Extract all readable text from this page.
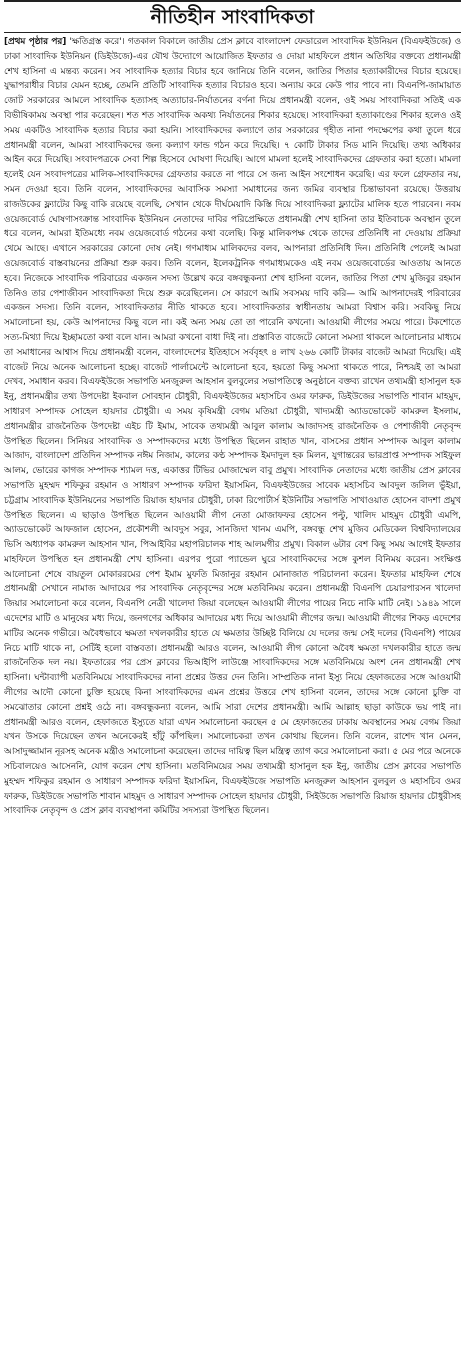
নীতিহীন সাংবাদিকতা

[প্রথম পৃষ্ঠার পর] 'ক্ষতিগ্রস্ত করে'। গতকাল বিকালে জাতীয় প্রেস ক্লাবে বাংলাদেশ ফেডারেল সাংবাদিক ইউনিয়ন (বিএফইউজে) ও ঢাকা সাংবাদিক ইউনিয়ন (ডিইউজে)-এর যৌথ উদ্যোগে আয়োজিত ইফতার ও দোয়া মাহফিলে প্রধান অতিথির বক্তব্যে প্রধানমন্ত্রী শেখ হাসিনা এ মন্তব্য করেন। সব সাংবাদিক হত্যার বিচার হবে জানিয়ে তিনি বলেন, জাতির পিতার হত্যাকারীদের বিচার হয়েছে। যুদ্ধাপরাধীর বিচার যেমন হচ্ছে, তেমনি প্রতিটি সাংবাদিক হত্যার বিচারও হবে। অন্যায় করে কেউ পার পাবে না। বিএনপি-জামায়াত জোট সরকারের আমলে সাংবাদিক হত্যাসহ অত্যাচার-নির্যাতনের বর্ণনা দিয়ে প্রধানমন্ত্রী বলেন, ওই সময় সাংবাদিকরা সতিই এক বিভীষিকাময় অবস্থা পার করেছেন। শত শত সাংবাদিক অকথ্য নির্যাতনের শিকার হয়েছে। সাংবাদিকরা হত্যাকাণ্ডের শিকার হলেও ওই সময় একটিও সাংবাদিক হত্যার বিচার করা হয়নি। সাংবাদিকদের কল্যাণে তার সরকারের গৃহীত নানা পদক্ষেপের কথা তুলে ধরে প্রধানমন্ত্রী বলেন, আমরা সাংবাদিকদের জন্য কল্যাণ ফান্ড গঠন করে দিয়েছি। ৭ কোটি টাকার সিড মানি দিয়েছি। তথ্য অধিকার আইন করে দিয়েছি। সংবাদপত্রকে সেবা শিল্প হিসেবে ঘোষণা দিয়েছি। আগে মামলা হলেই সাংবাদিকদের গ্রেফতার করা হতো। মামলা হলেই যেন সংবাদপত্রের মালিক-সাংবাদিকদের গ্রেফতার করতে না পারে সে জন্য আইন সংশোধন করেছি। এর ফলে গ্রেফতার নয়, সমন দেওয়া হবে। তিনি বলেন, সাংবাদিকদের আবাসিক সমস্যা সমাধানের জন্য জমির ব্যবস্থার চিন্তাভাবনা রয়েছে। উত্তরায় রাজউকের ফ্ল্যাটের কিছু বাকি রয়েছে বলেছি, সেখান থেকে দীর্ঘমেয়াদি কিস্তি দিয়ে সাংবাদিকরা ফ্ল্যাটের মালিক হতে পারবেন। নবম ওয়েজবোর্ড ঘোষণাসংক্রান্ত সাংবাদিক ইউনিয়ন নেতাদের দাবির পরিপ্রেক্ষিতে প্রধানমন্ত্রী শেখ হাসিনা তার ইতিবাচক অবস্থান তুলে ধরে বলেন, আমরা ইতিমধ্যে নবম ওয়েজবোর্ড গঠনের কথা বলেছি। কিন্তু মালিকপক্ষ থেকে তাদের প্রতিনিধি না দেওয়ায় প্রক্রিয়া থেমে আছে। এখানে সরকারের কোনো দোষ নেই। গণমাধ্যম মালিকদের বলব, আপনারা প্রতিনিধি দিন। প্রতিনিধি পেলেই আমরা ওয়েজবোর্ড বাস্তবায়নের প্রক্রিয়া শুরু করব। তিনি বলেন, ইলেকট্রনিক গণমাধ্যমকেও এই নবম ওয়েজবোর্ডের আওতায় আনতে হবে। নিজেকে সাংবাদিক পরিবারের একজন সদস্য উল্লেখ করে বঙ্গবন্ধুকন্যা শেখ হাসিনা বলেন, জাতির পিতা শেখ মুজিবুর রহমান তিনিও তার পেশাজীবন সাংবাদিকতা দিয়ে শুরু করেছিলেন। সে কারণে আমি সবসময় দাবি করি— আমি আপনাদেরই পরিবারের একজন সদস্য। তিনি বলেন, সাংবাদিকতার নীতি থাকতে হবে। সাংবাদিকতার স্বাধীনতায় আমরা বিশ্বাস করি। সবকিছু নিয়ে সমালোচনা হয়, কেউ আপনাদের কিছু বলে না। কই অন্য সময় তো তা পারেনি কখনো। আওয়ামী লীগের সময়ে পারে। টকশোতে সত্য-মিথ্যা দিয়ে ইচ্ছামতো কথা বলে যান। আমরা কখনো বাধা দিই না। প্রস্তাবিত বাজেটে কোনো সমস্যা থাকলে আলোচনার মাধ্যমে তা সমাধানের আশ্বাস দিয়ে প্রধানমন্ত্রী বলেন, বাংলাদেশের ইতিহাসে সর্ববৃহৎ ৪ লাখ ২৬৬ কোটি টাকার বাজেট আমরা দিয়েছি। এই বাজেট নিয়ে অনেক আলোচনা হচ্ছে। বাজেট পার্লামেন্টে আলোচনা হবে, হয়তো কিছু সমস্যা থাকতে পারে, নিশ্চয়ই তা আমরা দেখব, সমাধান করব। বিএফইউজে সভাপতি মনজুরুল আহসান বুলবুলের সভাপতিত্বে অনুষ্ঠানে বক্তব্য রাখেন তথ্যমন্ত্রী হাসানুল হক ইনু, প্রধানমন্ত্রীর তথ্য উপদেষ্টা ইকবাল সোবহান চৌধুরী, বিএফইউজের মহাসচিব ওমর ফারুক, ডিইউজের সভাপতি শাবান মাহমুদ, সাধারণ সম্পাদক সোহেল হায়দার চৌধুরী। এ সময় কৃষিমন্ত্রী বেগম মতিয়া চৌধুরী, খাদ্যমন্ত্রী অ্যাডভোকেট কামরুল ইসলাম, প্রধানমন্ত্রীর রাজনৈতিক উপদেষ্টা এইচ টি ইমাম, সাবেক তথ্যমন্ত্রী আবুল কালাম আজাদসহ রাজনৈতিক ও পেশাজীবী নেতৃবৃন্দ উপস্থিত ছিলেন। সিনিয়র সাংবাদিক ও সম্পাদকদের মধ্যে উপস্থিত ছিলেন রাহাত খান, বাসসের প্রধান সম্পাদক আবুল কালাম আজাদ, বাংলাদেশ প্রতিদিন সম্পাদক নঈম নিজাম, কালের কণ্ঠ সম্পাদক ইমদাদুল হক মিলন, যুগান্তরের ভারপ্রাপ্ত সম্পাদক সাইফুল আলম, ভোরের কাগজ সম্পাদক শ্যামল দত্ত, একাত্তর টিভির মোজাম্মেল বাবু প্রমুখ। সাংবাদিক নেতাদের মধ্যে জাতীয় প্রেস ক্লাবের সভাপতি মুহম্মদ শফিকুর রহমান ও সাধারণ সম্পাদক ফরিদা ইয়াসমিন, বিএফইউজের সাবেক মহাসচিব আবদুল জলিল ভুঁইয়া, চট্টগ্রাম সাংবাদিক ইউনিয়নের সভাপতি রিয়াজ হায়দার চৌধুরী, ঢাকা রিপোর্টার্স ইউনিটির সভাপতি সাখাওয়াত হোসেন বাদশা প্রমুখ উপস্থিত ছিলেন। এ ছাড়াও উপস্থিত ছিলেন আওয়ামী লীগ নেতা মোজাফফর হোসেন পল্টু, খালিদ মাহমুদ চৌধুরী এমপি, অ্যাডভোকেট আফজাল হোসেন, প্রকৌশলী আবদুস সবুর, সানজিদা খানম এমপি, বঙ্গবন্ধু শেখ মুজিব মেডিকেল বিশ্ববিদ্যালয়ের ভিসি অধ্যাপক কামরুল আহসান খান, পিআইবির মহাপরিচালক শাহ আলমগীর প্রমুখ। বিকাল ৬টার বেশ কিছু সময় আগেই ইফতার মাহফিলে উপস্থিত হন প্রধানমন্ত্রী শেখ হাসিনা। এরপর পুরো প্যান্ডেল ঘুরে সাংবাদিকদের সঙ্গে কুশল বিনিময় করেন। সংক্ষিপ্ত আলোচনা শেষে বায়তুল মোকাররমের পেশ ইমাম মুফতি মিজানুর রহমান মোনাজাত পরিচালনা করেন। ইফতার মাহফিল শেষে প্রধানমন্ত্রী সেখানে নামাজ আদায়ের পর সাংবাদিক নেতৃবৃন্দের সঙ্গে মতবিনিময় করেন। প্রধানমন্ত্রী বিএনপি চেয়ারপারসন খালেদা জিয়ার সমালোচনা করে বলেন, বিএনপি নেত্রী খালেদা জিয়া বলেছেন আওয়ামী লীগের পায়ের নিচে নাকি মাটি নেই। ১৯৪৯ সালে এদেশের মাটি ও মানুষের মধ্য দিয়ে, জনগণের অধিকার আদায়ের মধ্য দিয়ে আওয়ামী লীগের জন্ম। আওয়ামী লীগের শিকড় এদেশের মাটির অনেক গভীরে। অবৈধভাবে ক্ষমতা দখলকারীর হাতে যে ক্ষমতার উচ্ছিষ্ট বিলিয়ে যে দলের জন্ম সেই দলের (বিএনপি) পায়ের নিচে মাটি থাকে না, সেটিই হলো বাস্তবতা। প্রধানমন্ত্রী আরও বলেন, আওয়ামী লীগ কোনো অবৈধ ক্ষমতা দখলকারীর হাতে জন্ম রাজনৈতিক দল নয়। ইফতারের পর প্রেস ক্লাবের ভিআইপি লাউঞ্জে সাংবাদিকদের সঙ্গে মতবিনিময়ে অংশ নেন প্রধানমন্ত্রী শেখ হাসিনা। ঘন্টাব্যাপী মতবিনিময়ে সাংবাদিকদের নানা প্রশ্নের উত্তর দেন তিনি। সাম্প্রতিক নানা ইস্যু নিয়ে হেফাজতের সঙ্গে আওয়ামী লীগের আদৌ কোনো চুক্তি হয়েছে কিনা সাংবাদিকদের এমন প্রশ্নের উত্তরে শেখ হাসিনা বলেন, তাদের সঙ্গে কোনো চুক্তি বা সমঝোতার কোনো প্রশ্নই ওঠে না। বঙ্গবন্ধুকন্যা বলেন, আমি সারা দেশের প্রধানমন্ত্রী। আমি আল্লাহ ছাড়া কাউকে ভয় পাই না। প্রধানমন্ত্রী আরও বলেন, হেফাজতে ইস্যুতে যারা এখন সমালোচনা করছেন ৫ মে হেফাজতের ঢাকায় অবস্থানের সময় বেগম জিয়া যখন উসকে দিয়েছেন তখন অনেকেরই হাঁটু কাঁপছিল। সমালোচকরা তখন কোথায় ছিলেন। তিনি বলেন, রাশেদ খান মেনন, আসাদুজ্জামান নূরসহ অনেক মন্ত্রীও সমালোচনা করেছেন। তাদের দায়িত্ব ছিল মন্ত্রিত্ব ত্যাগ করে সমালোচনা করা। ৫ মের পরে অনেকে সচিবালয়েও আসেননি, যোগ করেন শেখ হাসিনা। মতবিনিময়ের সময় তথ্যমন্ত্রী হাসানুল হক ইনু, জাতীয় প্রেস ক্লাবের সভাপতি মুহম্মদ শফিকুর রহমান ও সাধারণ সম্পাদক ফরিদা ইয়াসমিন, বিএফইউজে সভাপতি মনজুরুল আহসান বুলবুল ও মহাসচিব ওমর ফারুক, ডিইউজে সভাপতি শাবান মাহমুদ ও সাধারণ সম্পাদক সোহেল হায়দার চৌধুরী, সিইউজে সভাপতি রিয়াজ হায়দার চৌধুরীসহ সাংবাদিক নেতৃবৃন্দ ও প্রেস ক্লাব ব্যবস্থাপনা কমিটির সদস্যরা উপস্থিত ছিলেন।
